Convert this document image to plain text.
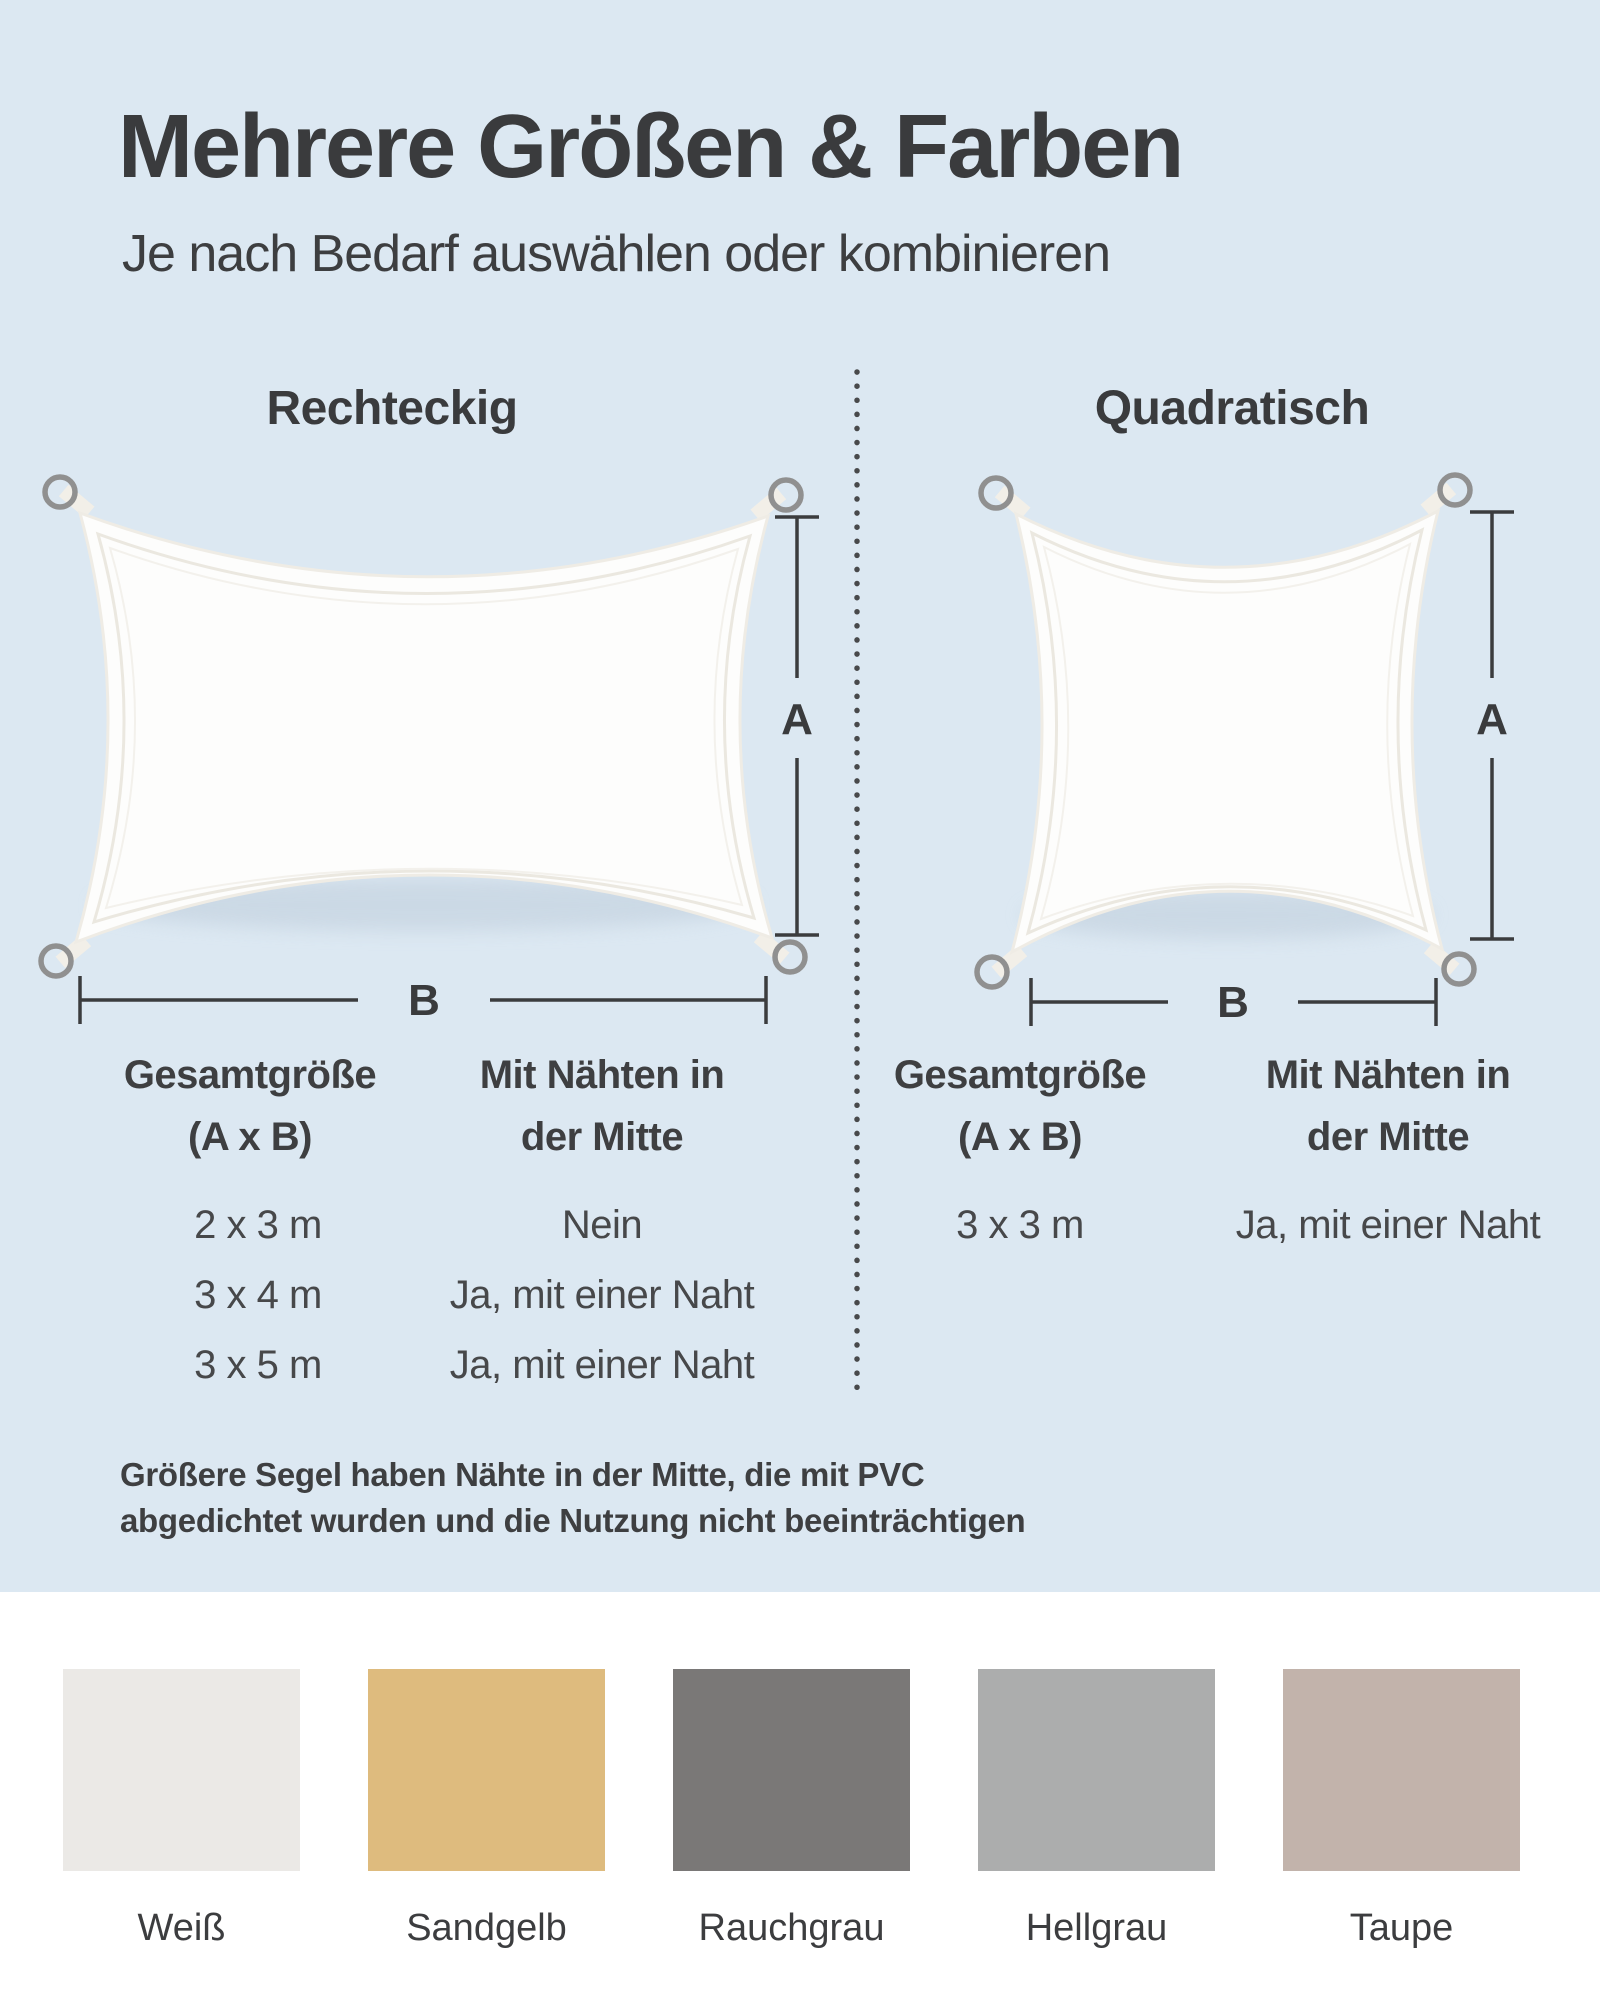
Mehrere Größen & Farben
Je nach Bedarf auswählen oder kombinieren
Rechteckig	Quadratisch
A
B
A
B
Gesamtgröße
(A x B)
Mit Nähten in
der Mitte
2 x 3 m	Nein
3 x 4 m	Ja, mit einer Naht
3 x 5 m	Ja, mit einer Naht
Gesamtgröße
(A x B)
Mit Nähten in
der Mitte
3 x 3 m	Ja, mit einer Naht
Größere Segel haben Nähte in der Mitte, die mit PVC
abgedichtet wurden und die Nutzung nicht beeinträchtigen
Weiß	Sandgelb	Rauchgrau	Hellgrau	Taupe
